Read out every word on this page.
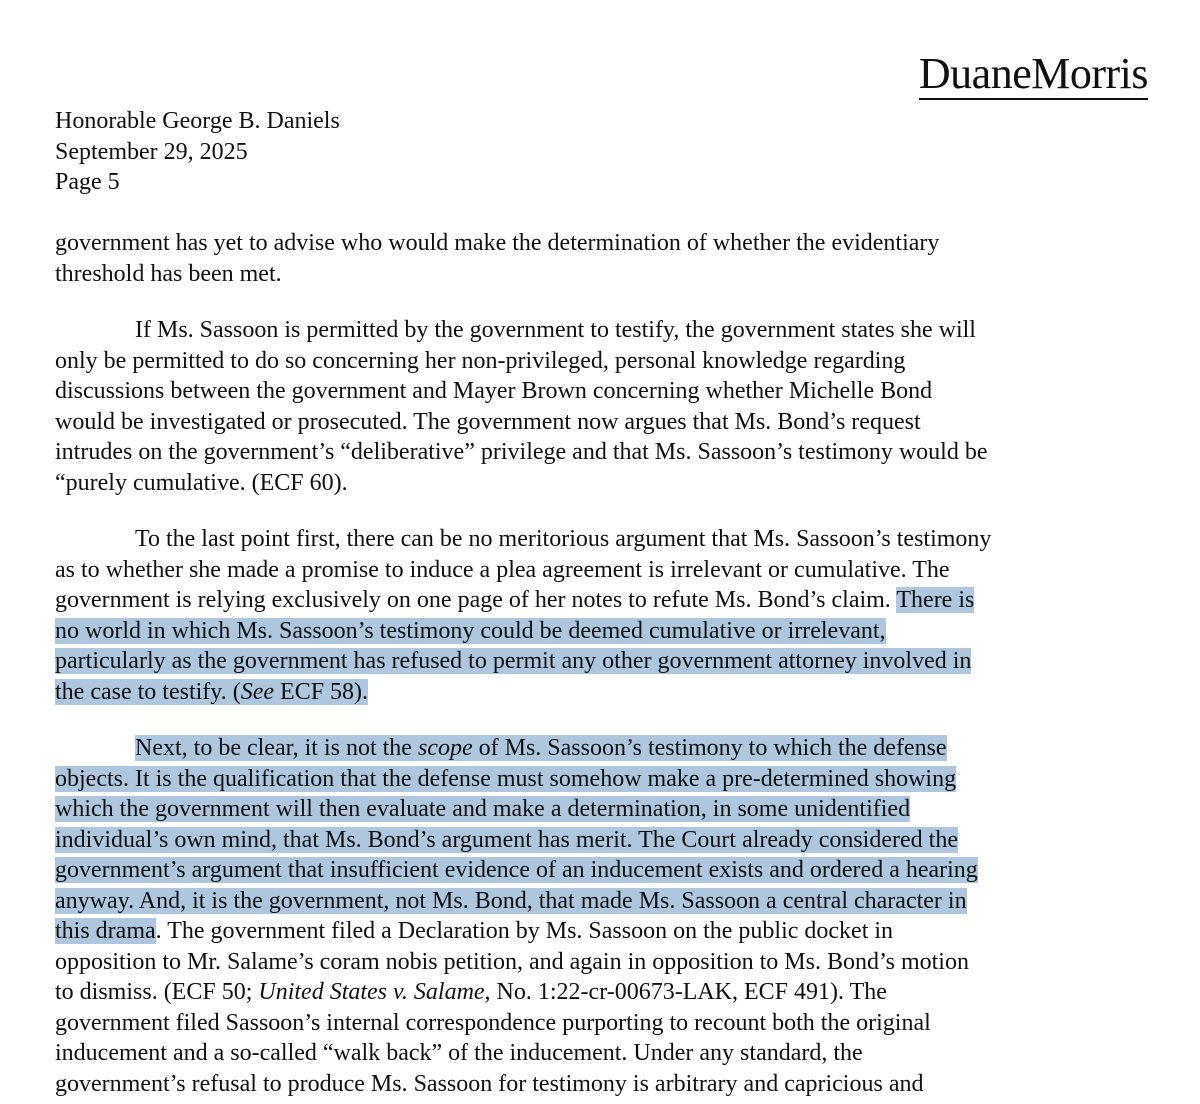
DuaneMorris
Honorable George B. Daniels
September 29, 2025
Page 5
government has yet to advise who would make the determination of whether the evidentiary
threshold has been met.
If Ms. Sassoon is permitted by the government to testify, the government states she will
only be permitted to do so concerning her non-privileged, personal knowledge regarding
discussions between the government and Mayer Brown concerning whether Michelle Bond
would be investigated or prosecuted. The government now argues that Ms. Bond’s request
intrudes on the government’s “deliberative” privilege and that Ms. Sassoon’s testimony would be
“purely cumulative. (ECF 60).
To the last point first, there can be no meritorious argument that Ms. Sassoon’s testimony
as to whether she made a promise to induce a plea agreement is irrelevant or cumulative. The
government is relying exclusively on one page of her notes to refute Ms. Bond’s claim. There is
no world in which Ms. Sassoon’s testimony could be deemed cumulative or irrelevant,
particularly as the government has refused to permit any other government attorney involved in
the case to testify. (See ECF 58).
Next, to be clear, it is not the scope of Ms. Sassoon’s testimony to which the defense
objects. It is the qualification that the defense must somehow make a pre-determined showing
which the government will then evaluate and make a determination, in some unidentified
individual’s own mind, that Ms. Bond’s argument has merit. The Court already considered the
government’s argument that insufficient evidence of an inducement exists and ordered a hearing
anyway. And, it is the government, not Ms. Bond, that made Ms. Sassoon a central character in
this drama. The government filed a Declaration by Ms. Sassoon on the public docket in
opposition to Mr. Salame’s coram nobis petition, and again in opposition to Ms. Bond’s motion
to dismiss. (ECF 50; United States v. Salame, No. 1:22-cr-00673-LAK, ECF 491). The
government filed Sassoon’s internal correspondence purporting to recount both the original
inducement and a so-called “walk back” of the inducement. Under any standard, the
government’s refusal to produce Ms. Sassoon for testimony is arbitrary and capricious and
